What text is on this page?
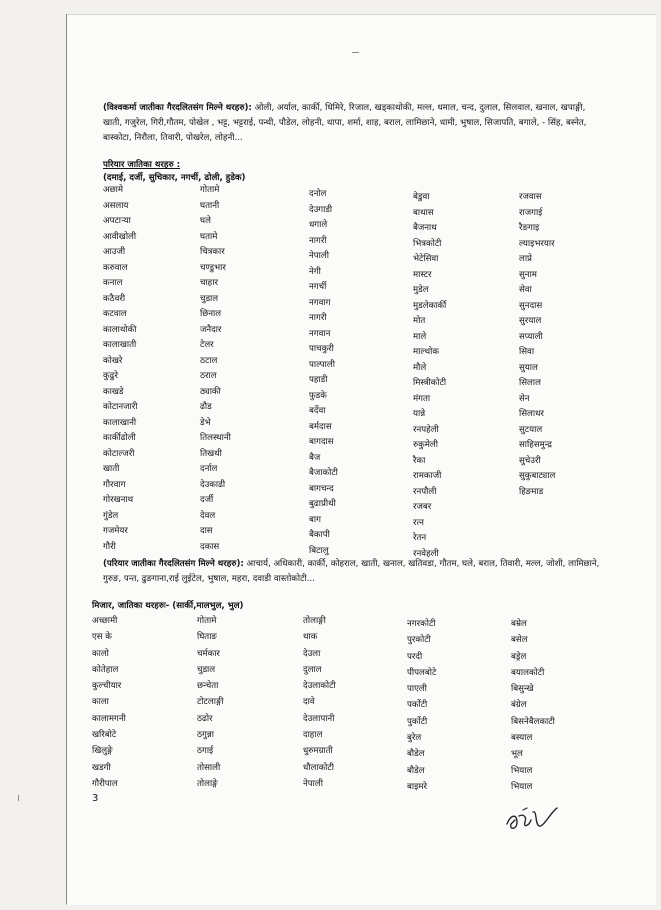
(विश्वकर्मा जातीका गैरदलितसंग मिल्ने थरहरु): ओली, अर्याल, कार्की, धिमिरे, रिजाल, खड्काथोकी, मल्ल, धमाल, चन्द, दुलाल, सिलवाल, खनाल, खपाङ्गी, खाती, गजुरेल, गिरी,गौतम, पोखेल , भट्ट, भट्टराई, पन्थी, पौडेल, लोहनी, थापा, शर्मा, शाह, बराल, लामिछाने, धामी, भुषाल, सिजापति, बगाले, - सिंह, बस्नेत, बास्कोटा, निरौला, तिवारी, पोखरेल, लोहनी...
परियार जातिका थरहरु :
(दमाई, दर्जी, सुचिकार, नगर्ची, ढोली, हुडेक)
अछामे
असलाय
अपटाऱ्या
आवीखोली
आउजी
करुवाल
कनाल
कठैवरी
कटवाल
कालाथोकी
कालाखाती
कोखरे
कुढुरे
काखडे
कोटानजारी
कालाखानी
कार्कीढोली
कोटाल्जरी
खाती
गौरवाग
गोरखनाथ
गुंडेल
गजमेयर
गौरी
गोतामे
घतानी
घले
घतामे
चित्रकार
चण्डुभार
चाहार
चुडाल
छिनाल
जनैदार
टेलर
ठटाल
ठराल
ठ्याकी
ढौड
डेभे
तिलस्थानी
तिखथी
दर्नाल
देउकाढी
दर्जी
देवल
दास
दकास
दनोल
देउगाडी
धगाले
नागरी
नेपाली
नेगी
नगर्ची
नगवाग
नागरी
नगवान
पाचकुरी
पाल्पाली
पहाडी
फुडके
बर्देवा
बर्मदास
बागदास
बैज
बैजाकोटी
बागचन्द
बुढाप्रीथी
बाग
बैकापी
बिटालु
बेडुवा
बाथास
बैजनाथ
भित्रकोटी
भेटेसिवा
मास्टर
मुडेल
मुडलेकार्की
मोत
माले
माल्थोक
मौले
मिस्त्रीकोटी
मंगता
यान्ने
रनपहेली
रुकुमेली
रैका
रामकाजी
रनपौली
रजबर
रत्न
रेतन
रनवेहली
रजवास
राजगाई
रैङगाइ
ल्याइभरयार
लाप्रे
सुनाम
सेवा
सुनदास
सुरयाल
सप्याली
सिवा
सुयाल
सिलाल
सेन
सिलाधर
सुटयाल
साहिसमुन्द्र
सुचेउरी
सुकुबाट्याल
हिङमाड
(परियार जातीका गैरदलितसंग मिल्ने थरहरु): आचार्य, अधिकारी, कार्की, कोहराल, खाती, खनाल, खतिवडा, गौतम, घले, बराल, तिवारी, मल्ल, जोशी, लामिछाने, गुरुङ, पन्त, ढुङगाना,राई लुईटेल, भुषाल, महरा, दवाडी वास्तोकोटी...
मिजार, जातिका थरहरुः- (सार्की,मालभुल, भुल)
अच्छामी
एस के
कालो
कोतेहाल
कुल्चीयार
काला
कालामगनी
खरिबोटे
खिलुङ्गे
खडगी
गौरीपाल
गोतामे
घिताङ
चर्मकार
चुडाल
छन्चेता
टोटलाङ्गी
ठढोर
ठगुन्ना
ठगाई
तोसाली
तोलाङ्गे
तोलाङ्गी
थाक
देउला
दुलाल
देउलाकोटी
दावे
देउलापानी
दाहाल
धुरुमग्राती
धौलाकोटी
नेपाली
नगरकोटी
पुरकोटी
परदी
पीपलबोटे
पाएली
पर्कोटी
पुर्कोटी
बुरेल
बौडेल
बौडेल
बाइमरे
बम्रेल
बसेल
बड्रेल
बयालकोटी
बिसुन्खे
बंग्रेल
बिसनेबैलकाटी
बस्याल
भूल
भियाल
भियाल
3
